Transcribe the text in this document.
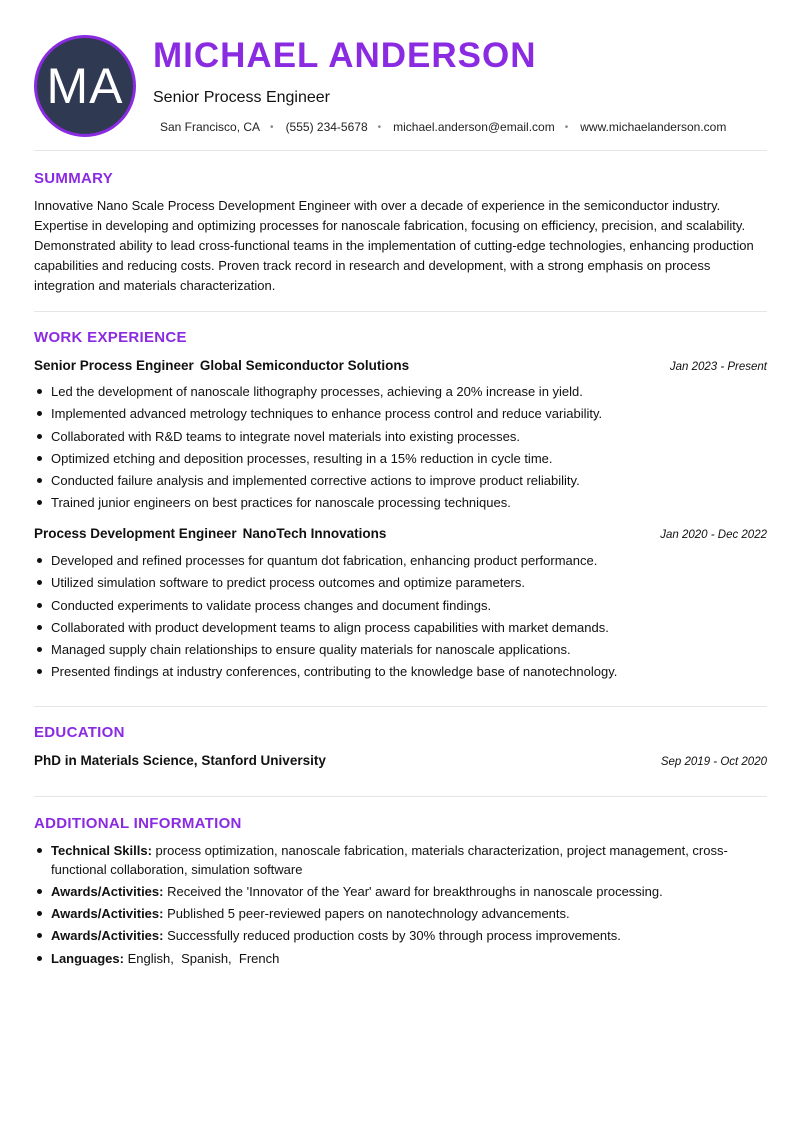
MA
MICHAEL ANDERSON
Senior Process Engineer
San Francisco, CA • (555) 234-5678 • michael.anderson@email.com • www.michaelanderson.com
SUMMARY

Innovative Nano Scale Process Development Engineer with over a decade of experience in the semiconductor industry. Expertise in developing and optimizing processes for nanoscale fabrication, focusing on efficiency, precision, and scalability. Demonstrated ability to lead cross-functional teams in the implementation of cutting-edge technologies, enhancing production capabilities and reducing costs. Proven track record in research and development, with a strong emphasis on process integration and materials characterization.

WORK EXPERIENCE
Senior Process Engineer Global Semiconductor Solutions	Jan 2023 - Present
Led the development of nanoscale lithography processes, achieving a 20% increase in yield.
Implemented advanced metrology techniques to enhance process control and reduce variability.
Collaborated with R&D teams to integrate novel materials into existing processes.
Optimized etching and deposition processes, resulting in a 15% reduction in cycle time.
Conducted failure analysis and implemented corrective actions to improve product reliability.
Trained junior engineers on best practices for nanoscale processing techniques.
Process Development Engineer NanoTech Innovations	Jan 2020 - Dec 2022
Developed and refined processes for quantum dot fabrication, enhancing product performance.
Utilized simulation software to predict process outcomes and optimize parameters.
Conducted experiments to validate process changes and document findings.
Collaborated with product development teams to align process capabilities with market demands.
Managed supply chain relationships to ensure quality materials for nanoscale applications.
Presented findings at industry conferences, contributing to the knowledge base of nanotechnology.
EDUCATION
PhD in Materials Science, Stanford University	Sep 2019 - Oct 2020
ADDITIONAL INFORMATION
Technical Skills: process optimization, nanoscale fabrication, materials characterization, project management, cross-functional collaboration, simulation software
Awards/Activities: Received the 'Innovator of the Year' award for breakthroughs in nanoscale processing.
Awards/Activities: Published 5 peer-reviewed papers on nanotechnology advancements.
Awards/Activities: Successfully reduced production costs by 30% through process improvements.
Languages: English,  Spanish,  French
